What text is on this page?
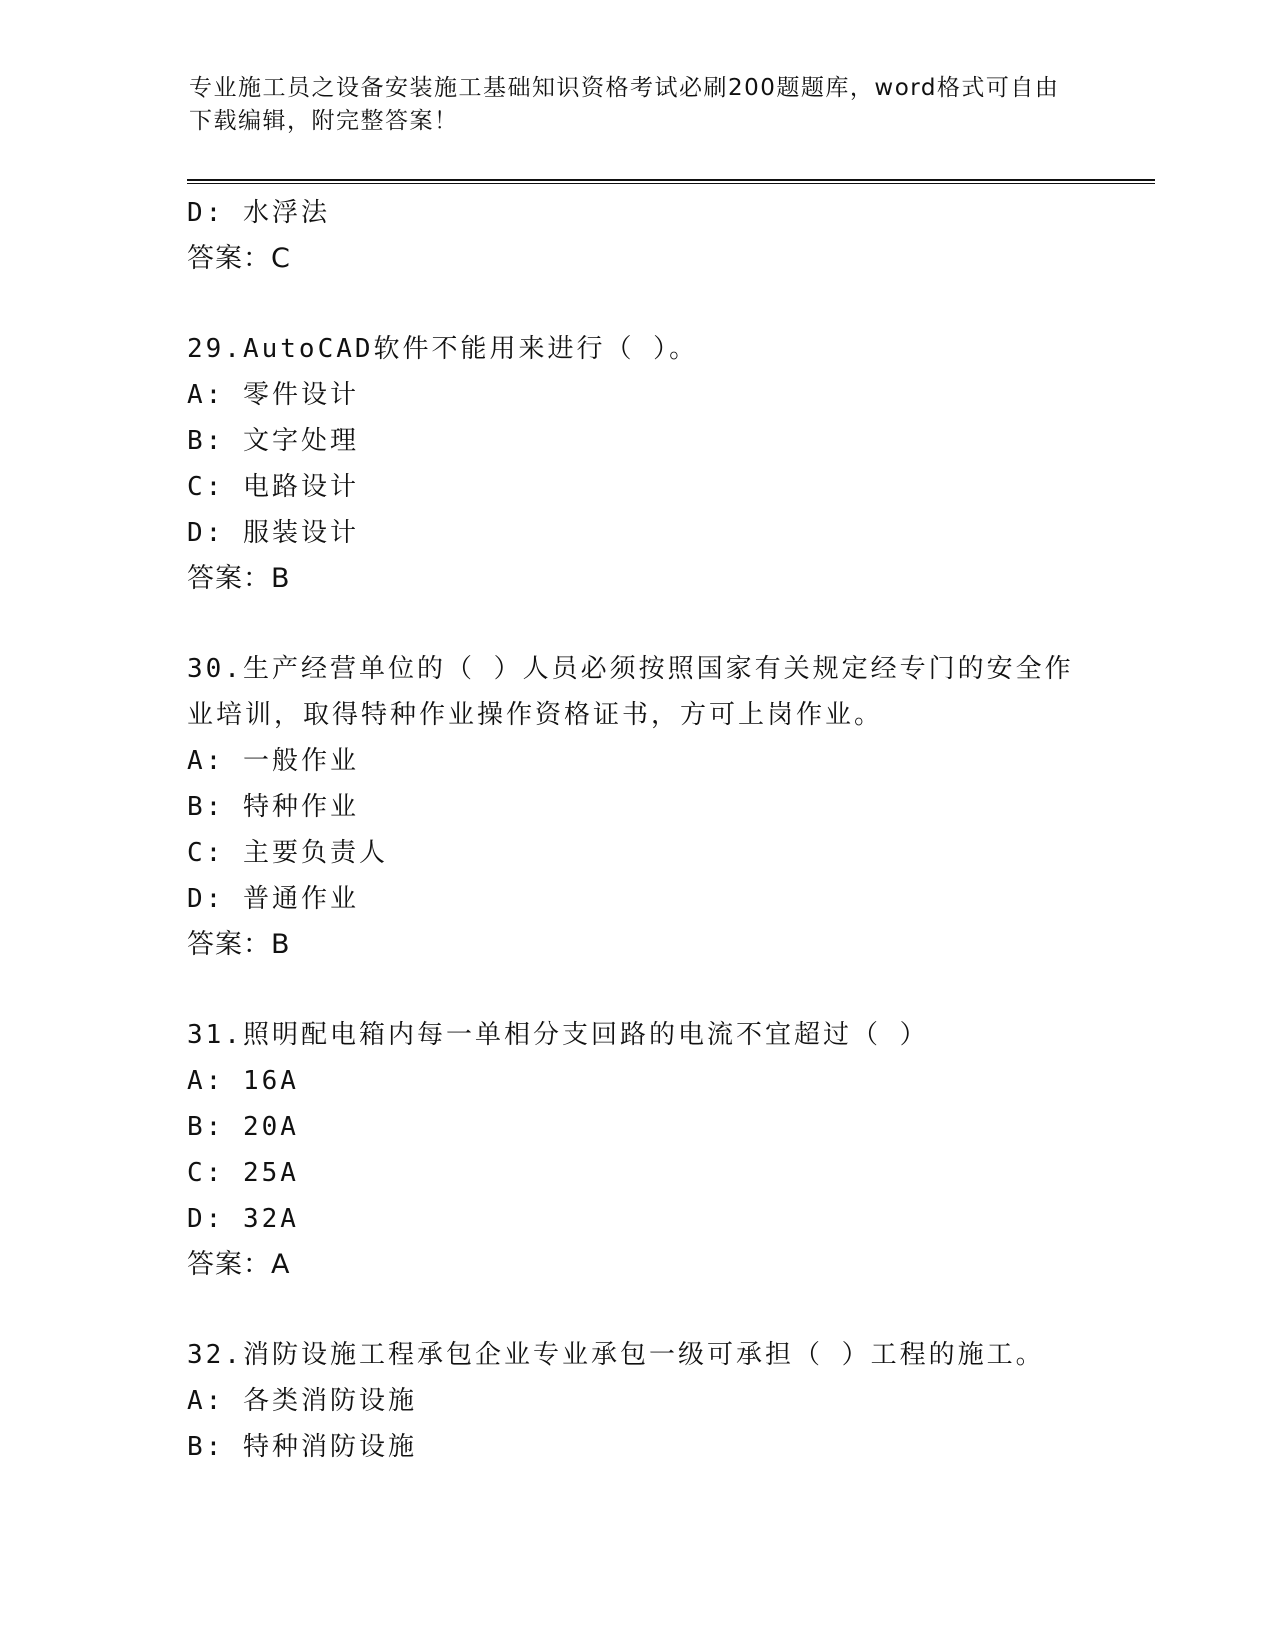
专业施工员之设备安装施工基础知识资格考试必刷200题题库，word格式可自由
下载编辑，附完整答案！
D: 水浮法
答案：C
29.AutoCAD软件不能用来进行（ ）。
A: 零件设计
B: 文字处理
C: 电路设计
D: 服装设计
答案：B
30.生产经营单位的（ ）人员必须按照国家有关规定经专门的安全作
业培训，取得特种作业操作资格证书，方可上岗作业。
A: 一般作业
B: 特种作业
C: 主要负责人
D: 普通作业
答案：B
31.照明配电箱内每一单相分支回路的电流不宜超过（ ）
A: 16A
B: 20A
C: 25A
D: 32A
答案：A
32.消防设施工程承包企业专业承包一级可承担（ ）工程的施工。
A: 各类消防设施
B: 特种消防设施
